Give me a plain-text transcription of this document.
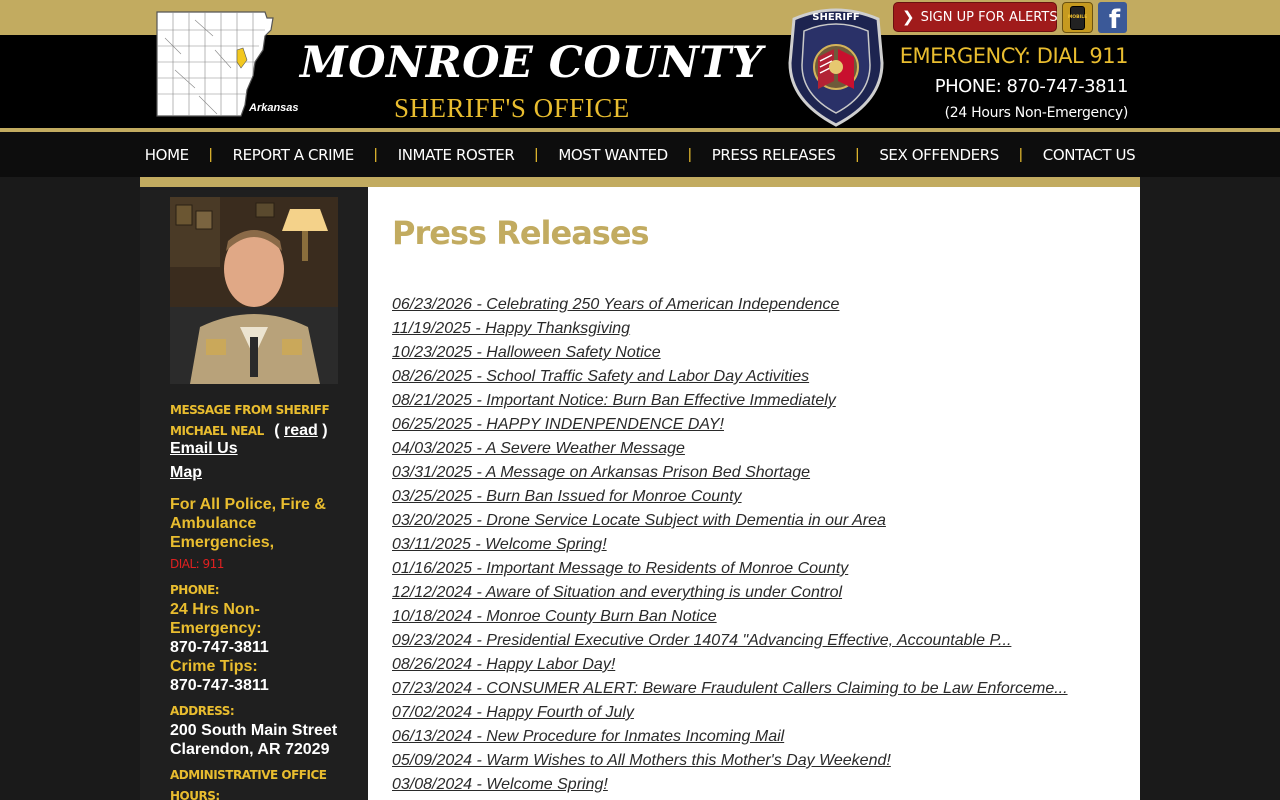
Arkansas
MONROE COUNTY
SHERIFF'S OFFICE
SHERIFF	❯ SIGN UP FOR ALERTS MOBILE f
EMERGENCY: DIAL 911
PHONE: 870-747-3811
(24 Hours Non-Emergency)
HOME | REPORT A CRIME | INMATE ROSTER | MOST WANTED | PRESS RELEASES | SEX OFFENDERS | CONTACT US
MESSAGE FROM SHERIFF
MICHAEL NEAL ( read )
Email Us
Map
For All Police, Fire & Ambulance Emergencies,
DIAL: 911
PHONE:
24 Hrs Non-Emergency:
870-747-3811
Crime Tips:
870-747-3811
ADDRESS:
200 South Main Street
Clarendon, AR 72029
ADMINISTRATIVE OFFICE
HOURS:
Press Releases
06/23/2026 - Celebrating 250 Years of American Independence
11/19/2025 - Happy Thanksgiving
10/23/2025 - Halloween Safety Notice
08/26/2025 - School Traffic Safety and Labor Day Activities
08/21/2025 - Important Notice: Burn Ban Effective Immediately
06/25/2025 - HAPPY INDENPENDENCE DAY!
04/03/2025 - A Severe Weather Message
03/31/2025 - A Message on Arkansas Prison Bed Shortage
03/25/2025 - Burn Ban Issued for Monroe County
03/20/2025 - Drone Service Locate Subject with Dementia in our Area
03/11/2025 - Welcome Spring!
01/16/2025 - Important Message to Residents of Monroe County
12/12/2024 - Aware of Situation and everything is under Control
10/18/2024 - Monroe County Burn Ban Notice
09/23/2024 - Presidential Executive Order 14074 "Advancing Effective, Accountable P...
08/26/2024 - Happy Labor Day!
07/23/2024 - CONSUMER ALERT: Beware Fraudulent Callers Claiming to be Law Enforceme...
07/02/2024 - Happy Fourth of July
06/13/2024 - New Procedure for Inmates Incoming Mail
05/09/2024 - Warm Wishes to All Mothers this Mother's Day Weekend!
03/08/2024 - Welcome Spring!
